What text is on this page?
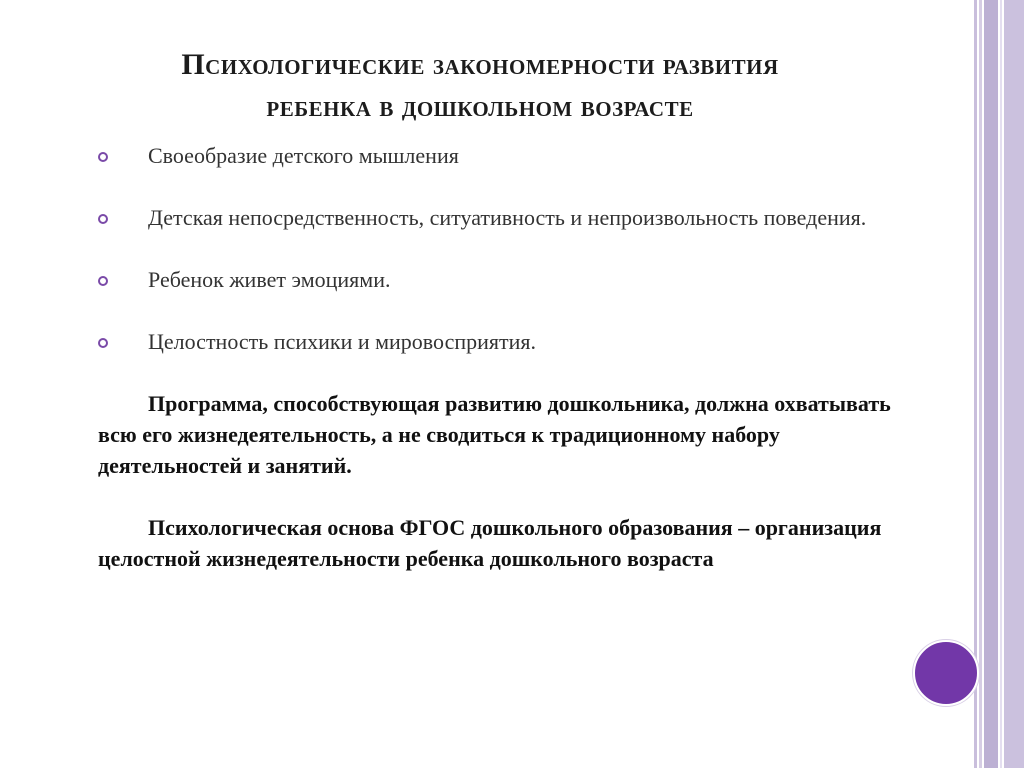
Психологические закономерности развития
ребенка в дошкольном возрасте
Своеобразие детского мышления
Детская непосредственность, ситуативность и непроизвольность поведения.
Ребенок живет эмоциями.
Целостность психики и мировосприятия.

Программа, способствующая развитию дошкольника, должна охватывать всю его жизнедеятельность, а не сводиться к традиционному набору деятельностей и занятий.

Психологическая основа ФГОС дошкольного образования – организация целостной жизнедеятельности ребенка дошкольного возраста
